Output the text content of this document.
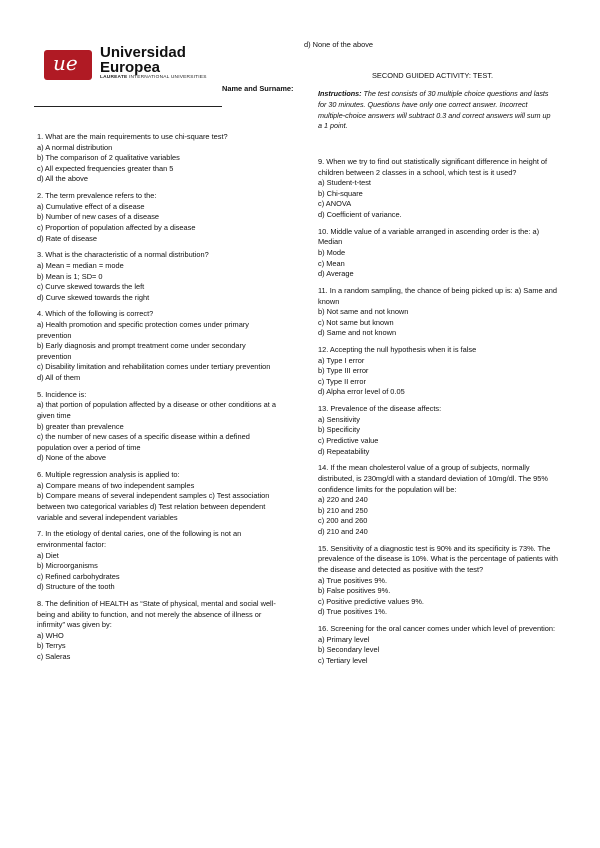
ue Universidad
Europea
LAUREATE INTERNATIONAL UNIVERSITIES
Name and Surname:
d) None of the above
SECOND GUIDED ACTIVITY: TEST.
Instructions: The test consists of 30 multiple choice questions and lasts for 30 minutes. Questions have only one correct answer. Incorrect multiple-choice answers will subtract 0.3 and correct answers will sum up a 1 point.
1. What are the main requirements to use chi-square test?
a) A normal distribution
b) The comparison of 2 qualitative variables
c) All expected frequencies greater than 5
d) All the above
2. The term prevalence refers to the:
a) Cumulative effect of a disease
b) Number of new cases of a disease
c) Proportion of population affected by a disease
d) Rate of disease
3. What is the characteristic of a normal distribution?
a) Mean = median = mode
b) Mean is 1; SD= 0
c) Curve skewed towards the left
d) Curve skewed towards the right
4. Which of the following is correct?
a) Health promotion and specific protection comes under primary prevention
b) Early diagnosis and prompt treatment come under secondary prevention
c) Disability limitation and rehabilitation comes under tertiary prevention
d) All of them
5. Incidence is:
a) that portion of population affected by a disease or other conditions at a given time
b) greater than prevalence
c) the number of new cases of a specific disease within a defined population over a period of time
d) None of the above
6. Multiple regression analysis is applied to:
a) Compare means of two independent samples
b) Compare means of several independent samples c) Test association between two categorical variables d) Test relation between dependent variable and several independent variables
7. In the etiology of dental caries, one of the following is not an environmental factor:
a) Diet
b) Microorganisms
c) Refined carbohydrates
d) Structure of the tooth
8. The definition of HEALTH as “State of physical, mental and social well- being and ability to function, and not merely the absence of illness or infirmity” was given by:
a) WHO
b) Terrys
c) Saleras
9. When we try to find out statistically significant difference in height of children between 2 classes in a school, which test is it used?
a) Student-t-test
b) Chi-square
c) ANOVA
d) Coefficient of variance.
10. Middle value of a variable arranged in ascending order is the: a) Median
b) Mode
c) Mean
d) Average
11. In a random sampling, the chance of being picked up is: a) Same and known
b) Not same and not known
c) Not same but known
d) Same and not known
12. Accepting the null hypothesis when it is false
a) Type I error
b) Type III error
c) Type II error
d) Alpha error level of 0.05
13. Prevalence of the disease affects:
a) Sensitivity
b) Specificity
c) Predictive value
d) Repeatability
14. If the mean cholesterol value of a group of subjects, normally distributed, is 230mg/dl with a standard deviation of 10mg/dl. The 95% confidence limits for the population will be:
a) 220 and 240
b) 210 and 250
c) 200 and 260
d) 210 and 240
15. Sensitivity of a diagnostic test is 90% and its specificity is 73%. The prevalence of the disease is 10%. What is the percentage of patients with the disease and detected as positive with the test?
a) True positives 9%.
b) False positives 9%.
c) Positive predictive values 9%.
d) True positives 1%.
16. Screening for the oral cancer comes under which level of prevention:
a) Primary level
b) Secondary level
c) Tertiary level
